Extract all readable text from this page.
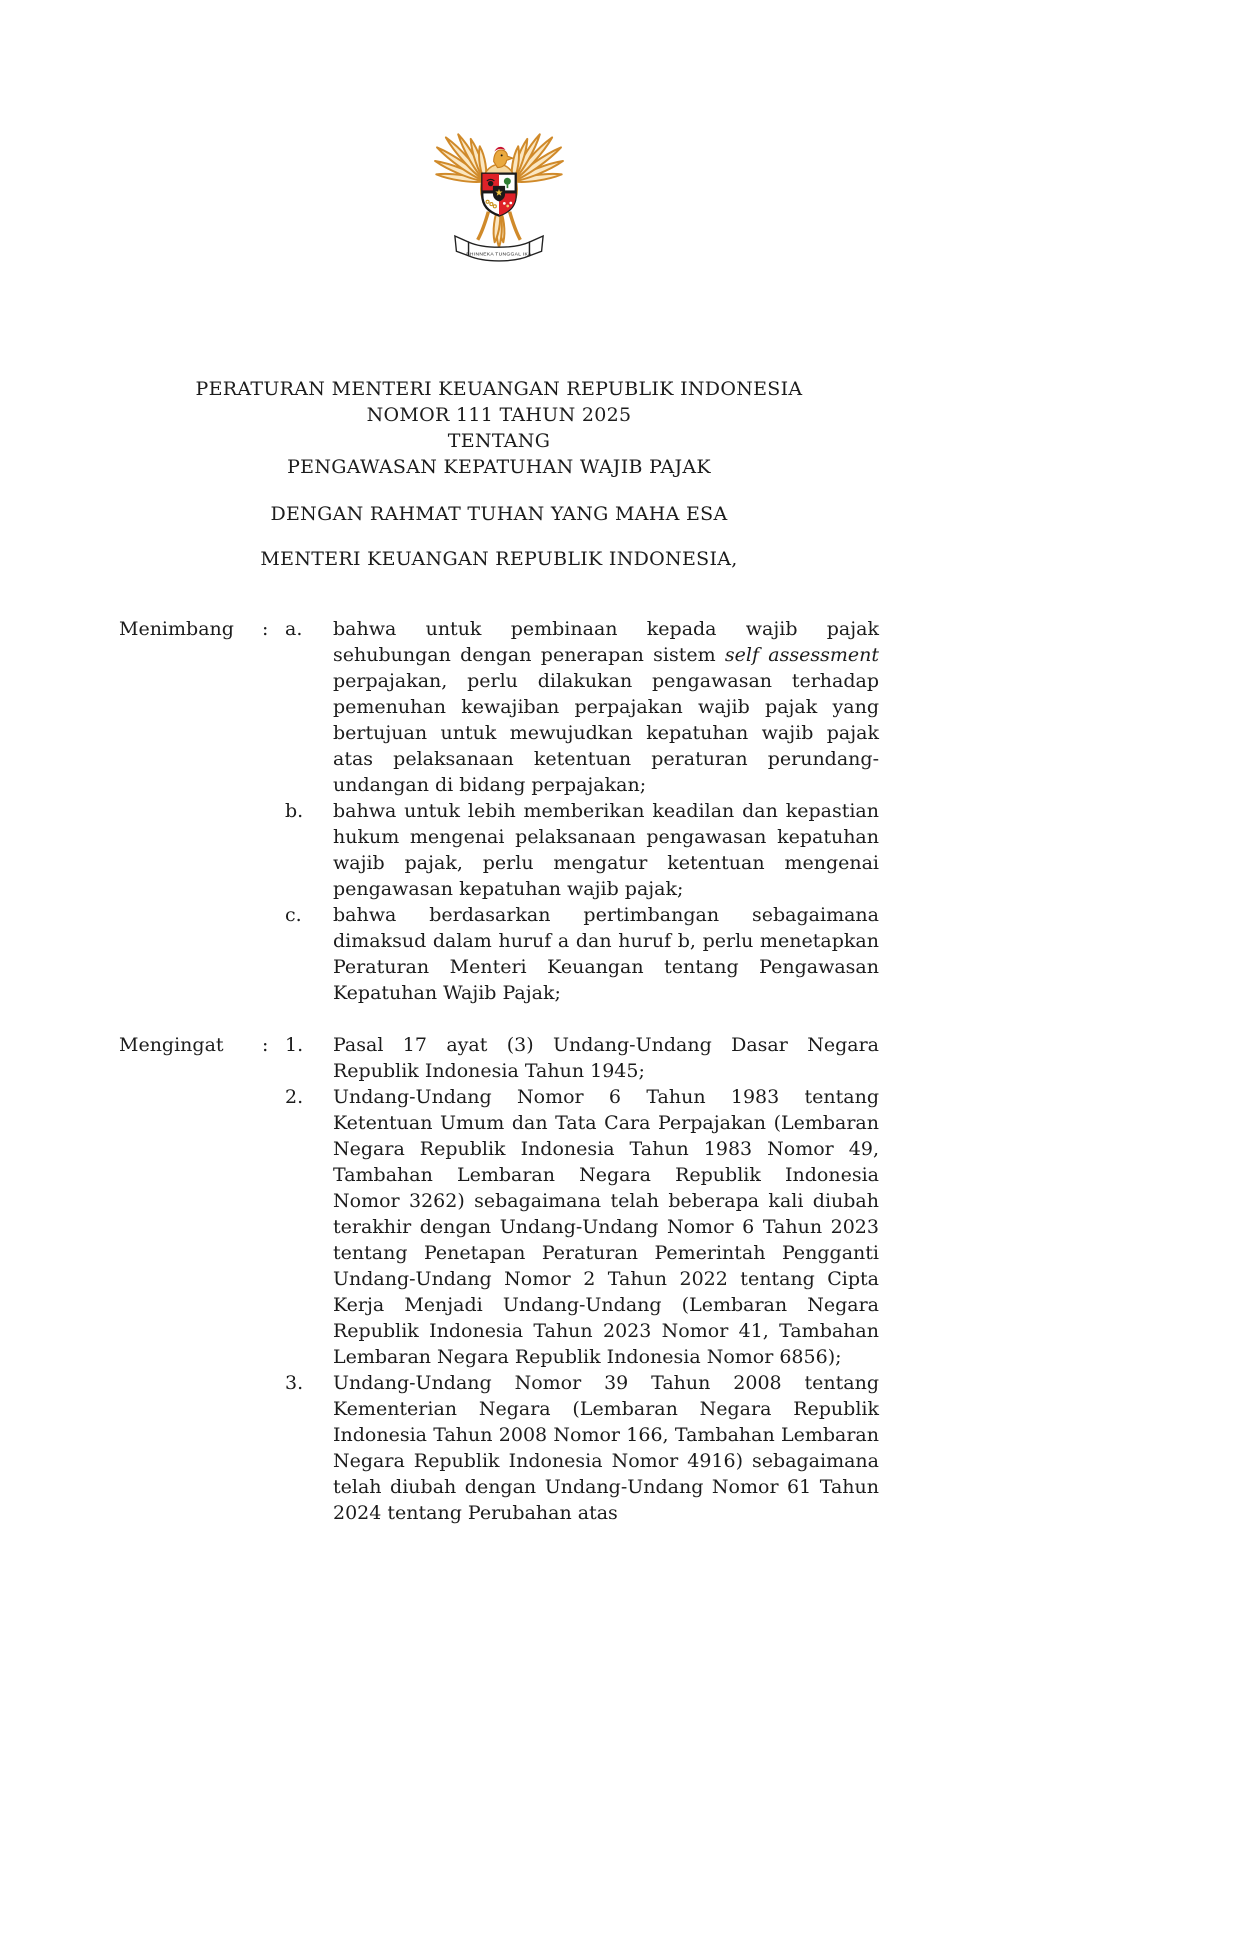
BHINNEKA TUNGGAL IKA
PERATURAN MENTERI KEUANGAN REPUBLIK INDONESIA
NOMOR 111 TAHUN 2025
TENTANG
PENGAWASAN KEPATUHAN WAJIB PAJAK
DENGAN RAHMAT TUHAN YANG MAHA ESA
MENTERI KEUANGAN REPUBLIK INDONESIA,
Menimbang	: a.	bahwa untuk pembinaan kepada wajib pajak sehubungan dengan penerapan sistem self assessment perpajakan, perlu dilakukan pengawasan terhadap pemenuhan kewajiban perpajakan wajib pajak yang bertujuan untuk mewujudkan kepatuhan wajib pajak atas pelaksanaan ketentuan peraturan perundang-undangan di bidang perpajakan;
b.	bahwa untuk lebih memberikan keadilan dan kepastian hukum mengenai pelaksanaan pengawasan kepatuhan wajib pajak, perlu mengatur ketentuan mengenai pengawasan kepatuhan wajib pajak;
c.	bahwa berdasarkan pertimbangan sebagaimana dimaksud dalam huruf a dan huruf b, perlu menetapkan Peraturan Menteri Keuangan tentang Pengawasan Kepatuhan Wajib Pajak;
Mengingat	: 1.	Pasal 17 ayat (3) Undang-Undang Dasar Negara Republik Indonesia Tahun 1945;
2.	Undang-Undang Nomor 6 Tahun 1983 tentang Ketentuan Umum dan Tata Cara Perpajakan (Lembaran Negara Republik Indonesia Tahun 1983 Nomor 49, Tambahan Lembaran Negara Republik Indonesia Nomor 3262) sebagaimana telah beberapa kali diubah terakhir dengan Undang-Undang Nomor 6 Tahun 2023 tentang Penetapan Peraturan Pemerintah Pengganti Undang-Undang Nomor 2 Tahun 2022 tentang Cipta Kerja Menjadi Undang-Undang (Lembaran Negara Republik Indonesia Tahun 2023 Nomor 41, Tambahan Lembaran Negara Republik Indonesia Nomor 6856);
3.	Undang-Undang Nomor 39 Tahun 2008 tentang Kementerian Negara (Lembaran Negara Republik Indonesia Tahun 2008 Nomor 166, Tambahan Lembaran Negara Republik Indonesia Nomor 4916) sebagaimana telah diubah dengan Undang-Undang Nomor 61 Tahun 2024 tentang Perubahan atas
